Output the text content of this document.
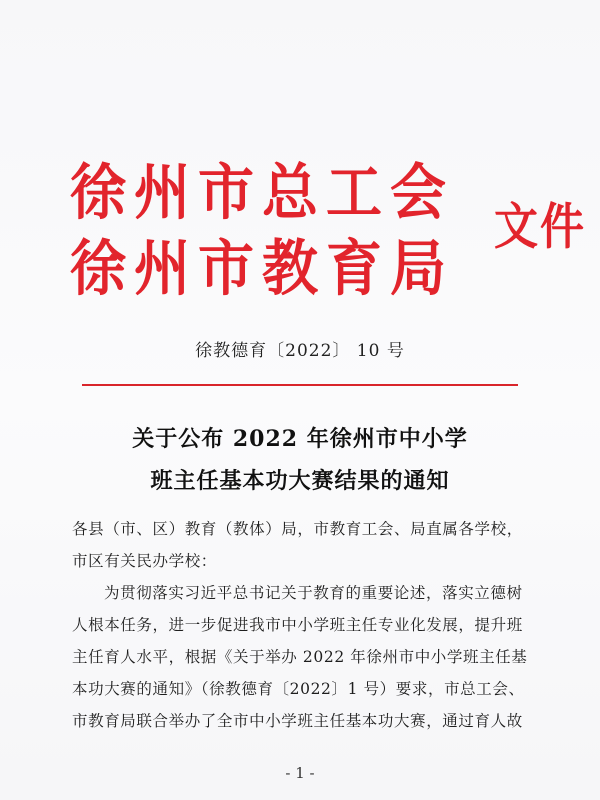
徐州市总工会
徐州市教育局
文件
徐教德育〔2022〕 10 号
关于公布 2022 年徐州市中小学
班主任基本功大赛结果的通知
各县（市、区）教育（教体）局，市教育工会、局直属各学校，
市区有关民办学校：
为贯彻落实习近平总书记关于教育的重要论述，落实立德树
人根本任务，进一步促进我市中小学班主任专业化发展，提升班
主任育人水平，根据《关于举办 2022 年徐州市中小学班主任基
本功大赛的通知》（徐教德育〔2022〕1 号）要求，市总工会、
市教育局联合举办了全市中小学班主任基本功大赛，通过育人故
- 1 -
